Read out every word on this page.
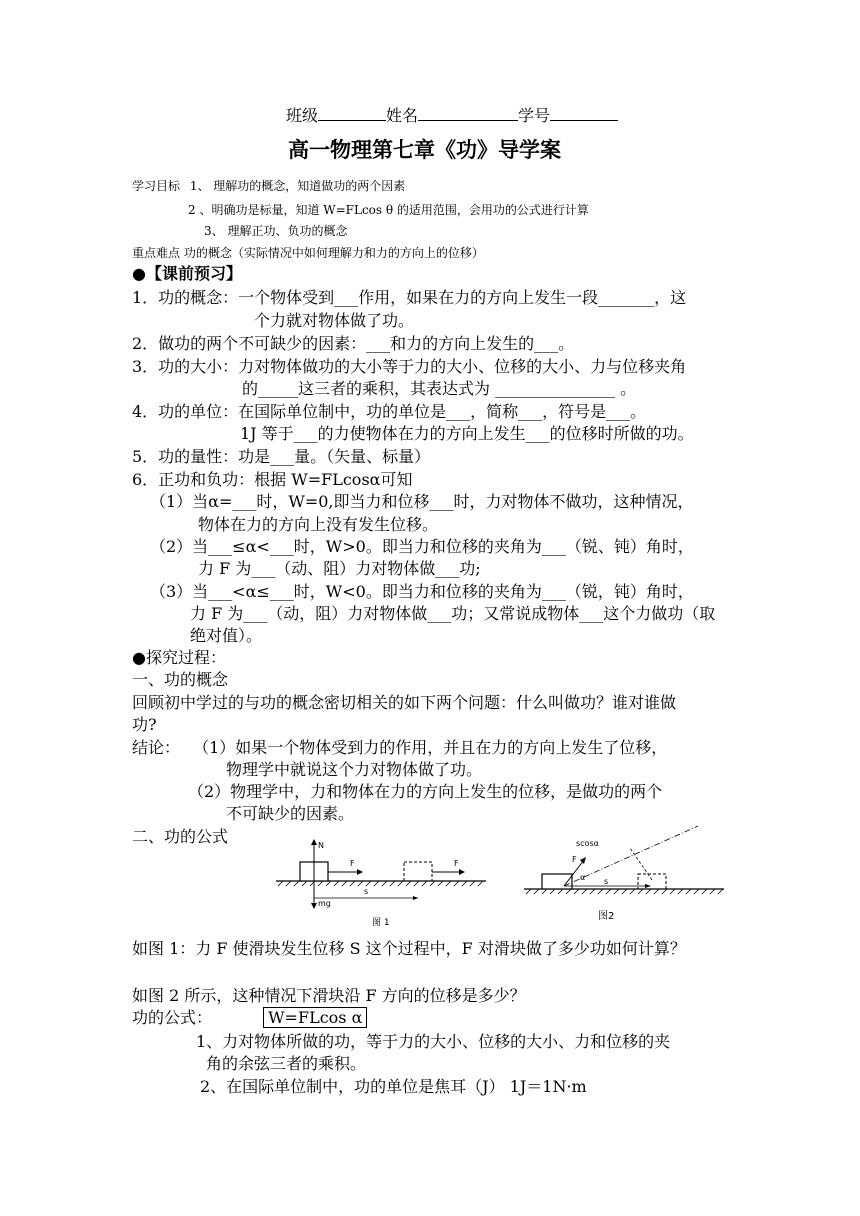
班级	姓名	学号
高一物理第七章《功》导学案
学习目标 1、 理解功的概念，知道做功的两个因素
2 、明确功是标量，知道 W=FLcos θ 的适用范围，会用功的公式进行计算
3、 理解正功、负功的概念
重点难点 功的概念（实际情况中如何理解力和力的方向上的位移）
●【课前预习】
1．功的概念：一个物体受到___作用，如果在力的方向上发生一段_______，这
个力就对物体做了功。
2．做功的两个不可缺少的因素：___和力的方向上发生的___。
3．功的大小：力对物体做功的大小等于力的大小、位移的大小、力与位移夹角
的_____这三者的乘积，其表达式为 _______________ 。
4．功的单位：在国际单位制中，功的单位是___，简称___，符号是___。
1J 等于___的力使物体在力的方向上发生___的位移时所做的功。
5．功的量性：功是___量。（矢量、标量）
6．正功和负功：根据 W=FLcosα可知
（1）当α=___时，W=0,即当力和位移___时，力对物体不做功，这种情况，
物体在力的方向上没有发生位移。
（2）当___≤α<___时，W>0。即当力和位移的夹角为___（锐、钝）角时，
力 F 为___（动、阻）力对物体做___功;
（3）当___<α≤___时，W<0。即当力和位移的夹角为___（锐，钝）角时，
力 F 为___（动，阻）力对物体做___功；又常说成物体___这个力做功（取
绝对值）。
●探究过程：
一、功的概念
回顾初中学过的与功的概念密切相关的如下两个问题：什么叫做功？谁对谁做
功?
结论： （1）如果一个物体受到力的作用，并且在力的方向上发生了位移，
物理学中就说这个力对物体做了功。
（2）物理学中，力和物体在力的方向上发生的位移，是做功的两个
不可缺少的因素。
二、功的公式	N
mg
F	F
s
图 1
F
α s
scosα
图2
如图 1：力 F 使滑块发生位移 S 这个过程中，F 对滑块做了多少功如何计算？
如图 2 所示，这种情况下滑块沿 F 方向的位移是多少？
功的公式：	W=FLcos α
1、力对物体所做的功，等于力的大小、位移的大小、力和位移的夹
角的余弦三者的乘积。
2、在国际单位制中，功的单位是焦耳（J） 1J＝1N·m
